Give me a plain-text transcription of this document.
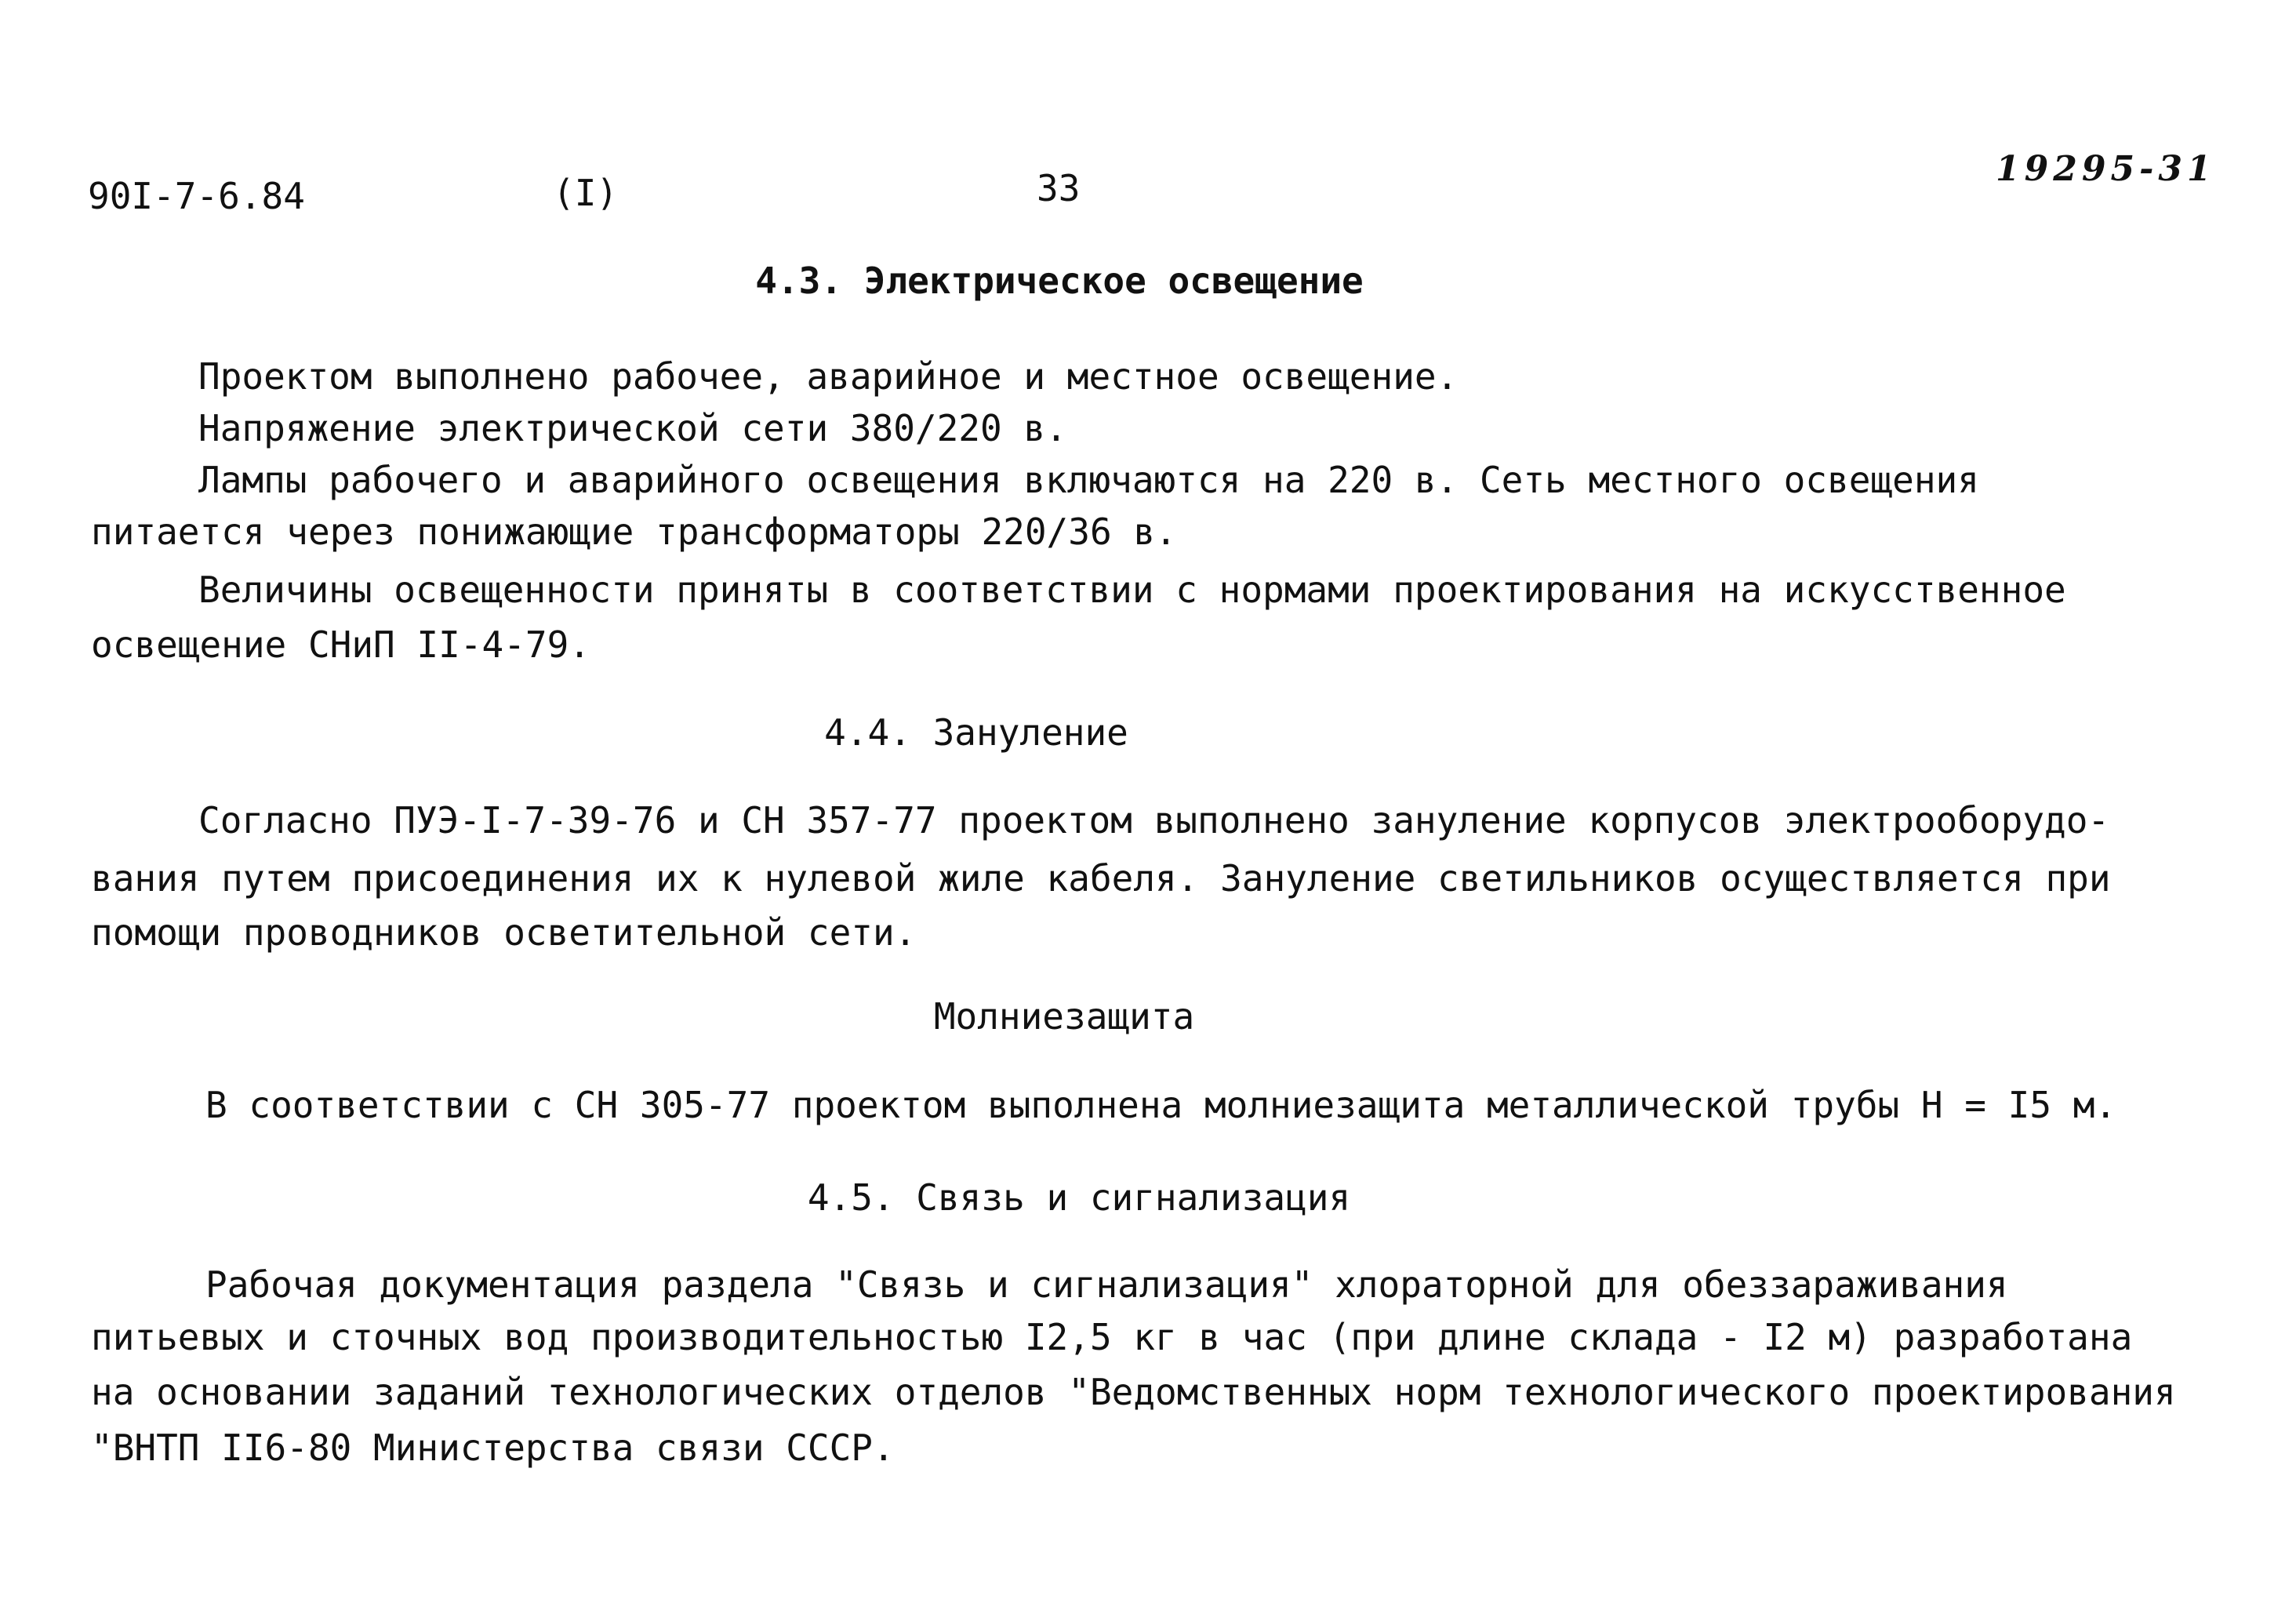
90I-7-6.84	(I)	33	19295-31
4.3. Электрическое освещение
Проектом выполнено рабочее, аварийное и местное освещение.
Напряжение электрической сети 380/220 в.
Лампы рабочего и аварийного освещения включаются на 220 в. Сеть местного освещения
питается через понижающие трансформаторы 220/36 в.
Величины освещенности приняты в соответствии с нормами проектирования на искусственное
освещение СНиП II-4-79.
4.4. Зануление
Согласно ПУЭ-I-7-39-76 и СН 357-77 проектом выполнено зануление корпусов электрооборудо-
вания путем присоединения их к нулевой жиле кабеля. Зануление светильников осуществляется при
помощи проводников осветительной сети.
Молниезащита
В соответствии с СН 305-77 проектом выполнена молниезащита металлической трубы Н = I5 м.
4.5. Связь и сигнализация
Рабочая документация раздела "Связь и сигнализация" хлораторной для обеззараживания
питьевых и сточных вод производительностью I2,5 кг в час (при длине склада - I2 м) разработана
на основании заданий технологических отделов "Ведомственных норм технологического проектирования
"ВНТП II6-80 Министерства связи СССР.
